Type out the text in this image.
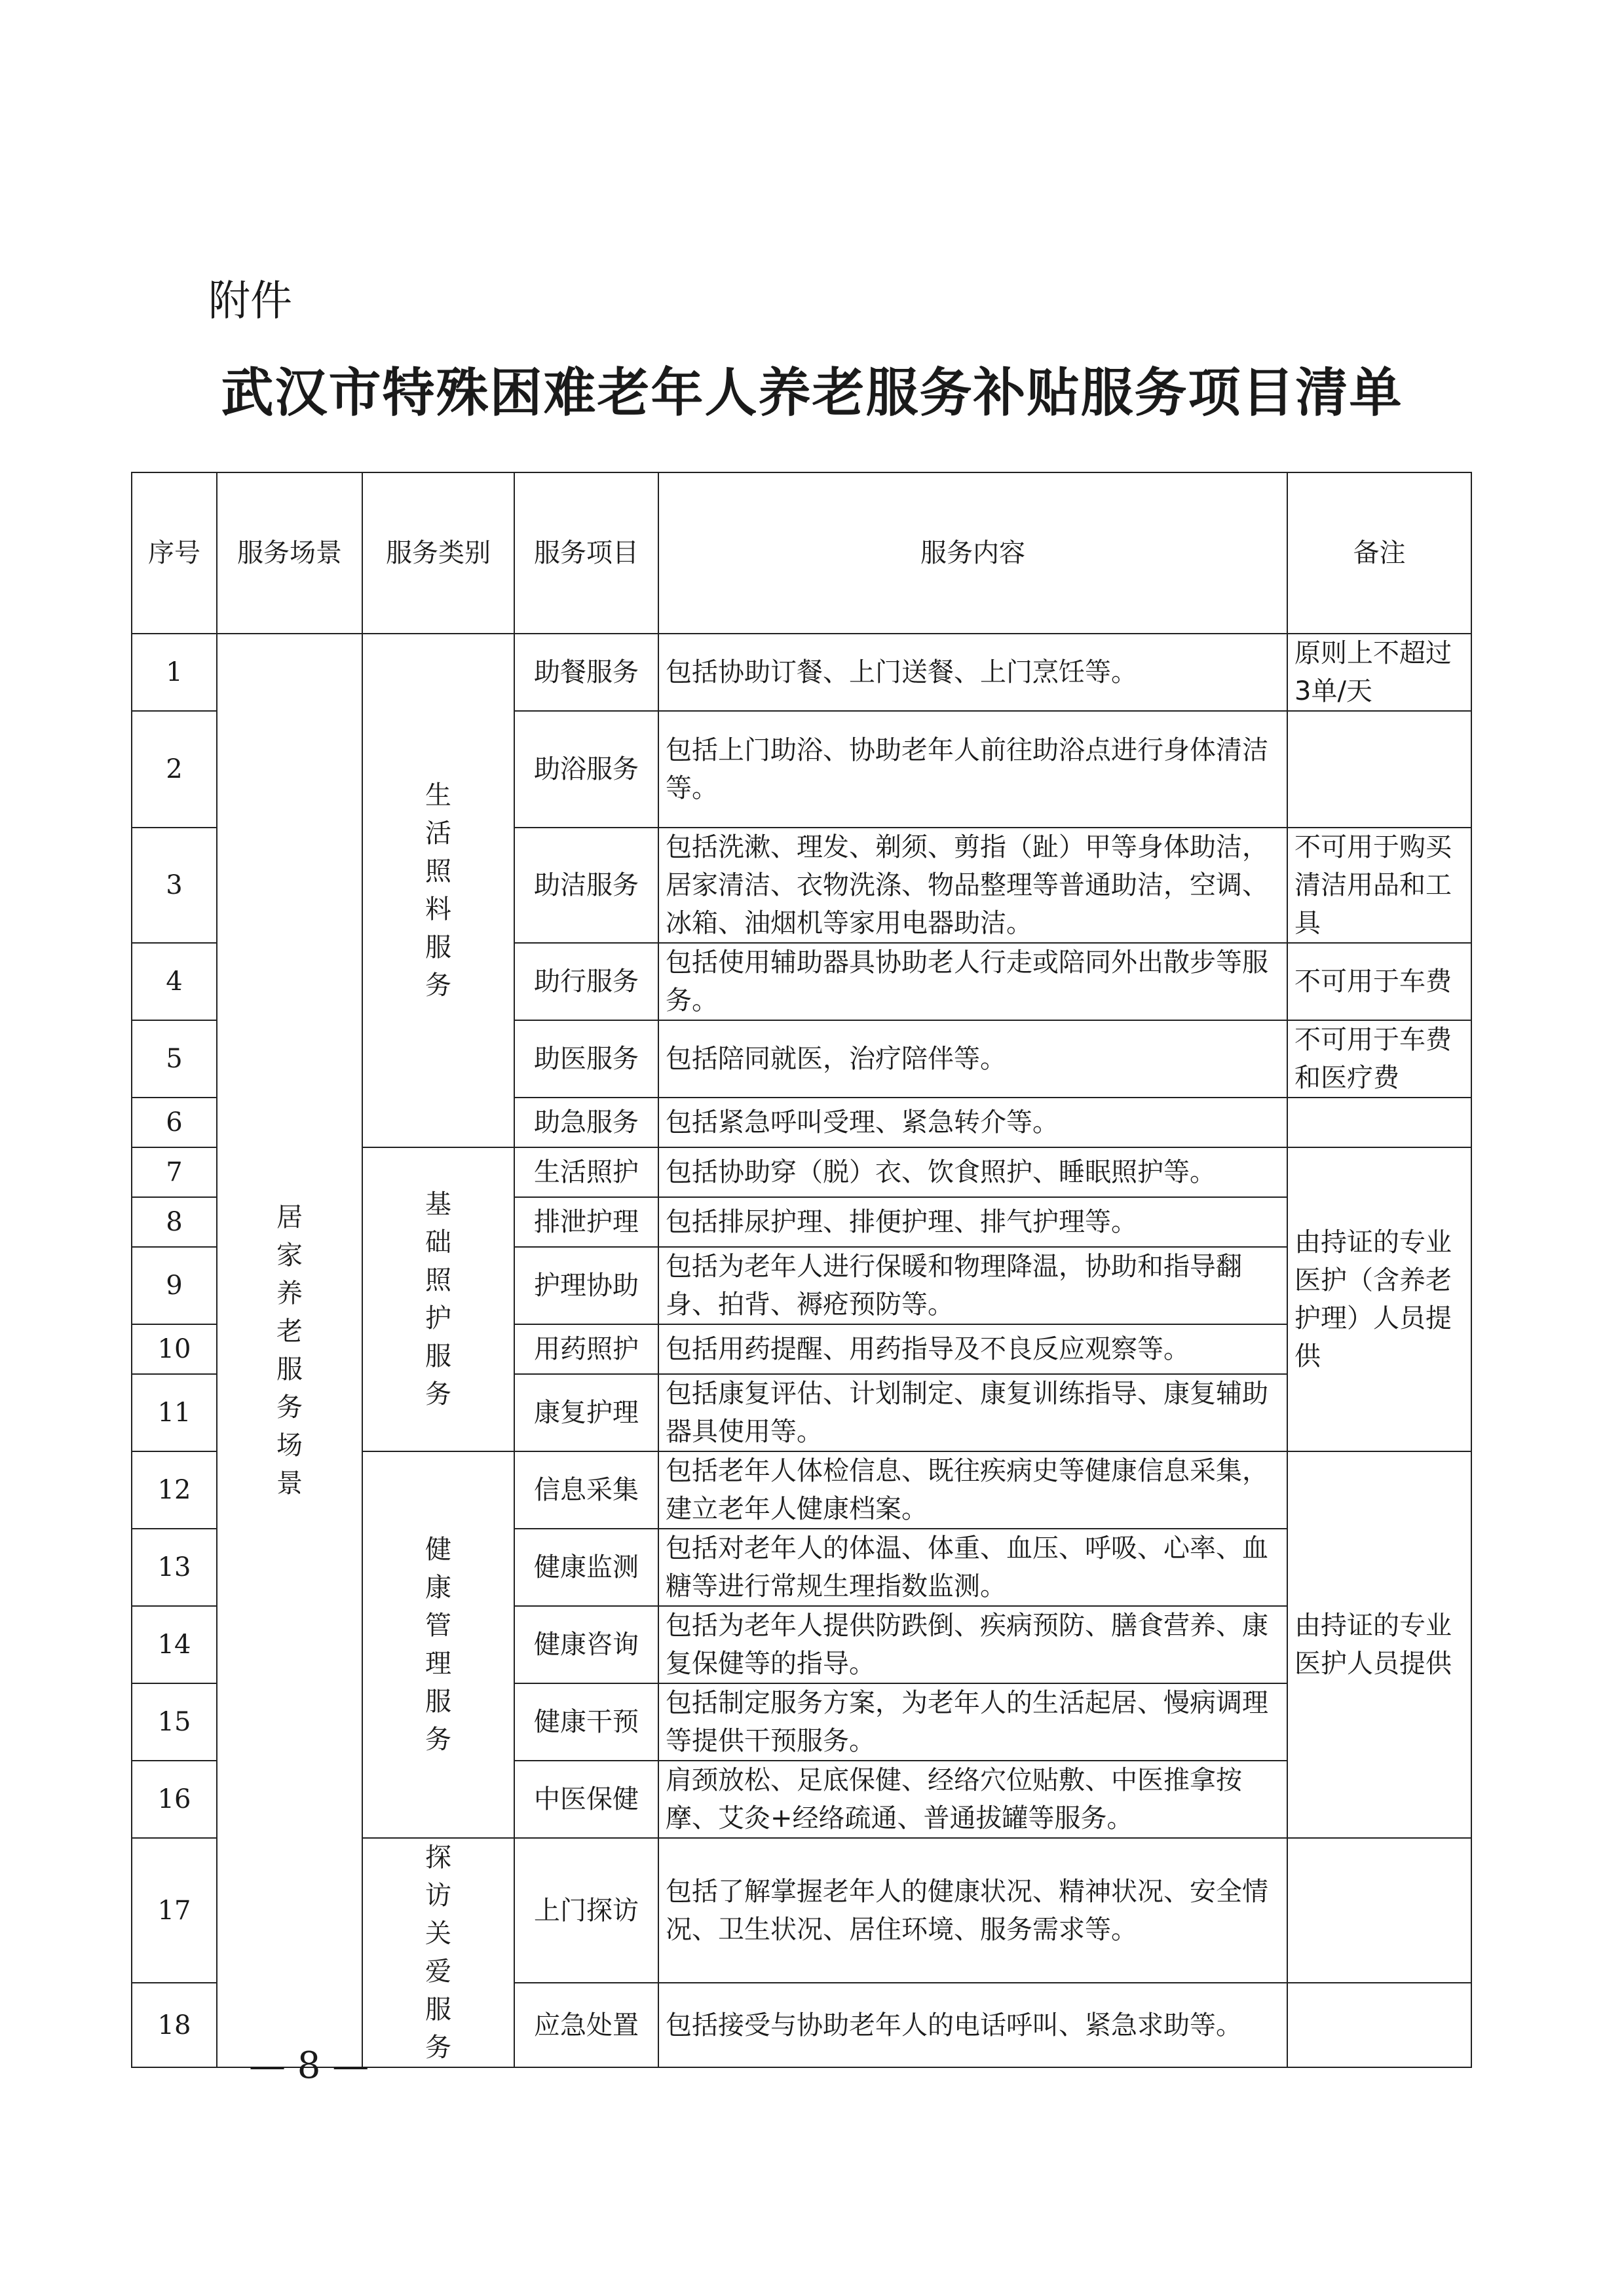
附件
武汉市特殊困难老年人养老服务补贴服务项目清单
序号	服务场景	服务类别	服务项目	服务内容	备注
1	居家养老服务场景	生活照料服务	助餐服务	包括协助订餐、上门送餐、上门烹饪等。	原则上不超过3单/天
2			助浴服务	包括上门助浴、协助老年人前往助浴点进行身体清洁等。	
3			助洁服务	包括洗漱、理发、剃须、剪指（趾）甲等身体助洁，居家清洁、衣物洗涤、物品整理等普通助洁，空调、冰箱、油烟机等家用电器助洁。	不可用于购买清洁用品和工具
4			助行服务	包括使用辅助器具协助老人行走或陪同外出散步等服务。	不可用于车费
5			助医服务	包括陪同就医，治疗陪伴等。	不可用于车费和医疗费
6			助急服务	包括紧急呼叫受理、紧急转介等。	
7		基础照护服务	生活照护	包括协助穿（脱）衣、饮食照护、睡眠照护等。	由持证的专业医护（含养老护理）人员提供
8			排泄护理	包括排尿护理、排便护理、排气护理等。	
9			护理协助	包括为老年人进行保暖和物理降温，协助和指导翻身、拍背、褥疮预防等。	
10			用药照护	包括用药提醒、用药指导及不良反应观察等。	
11			康复护理	包括康复评估、计划制定、康复训练指导、康复辅助器具使用等。	
12		健康管理服务	信息采集	包括老年人体检信息、既往疾病史等健康信息采集，建立老年人健康档案。	由持证的专业医护人员提供
13			健康监测	包括对老年人的体温、体重、血压、呼吸、心率、血糖等进行常规生理指数监测。	
14			健康咨询	包括为老年人提供防跌倒、疾病预防、膳食营养、康复保健等的指导。	
15			健康干预	包括制定服务方案，为老年人的生活起居、慢病调理等提供干预服务。	
16			中医保健	肩颈放松、足底保健、经络穴位贴敷、中医推拿按摩、艾灸+经络疏通、普通拔罐等服务。	
17		探访关爱服务	上门探访	包括了解掌握老年人的健康状况、精神状况、安全情况、卫生状况、居住环境、服务需求等。	
18			应急处置	包括接受与协助老年人的电话呼叫、紧急求助等。	
— 8 —
